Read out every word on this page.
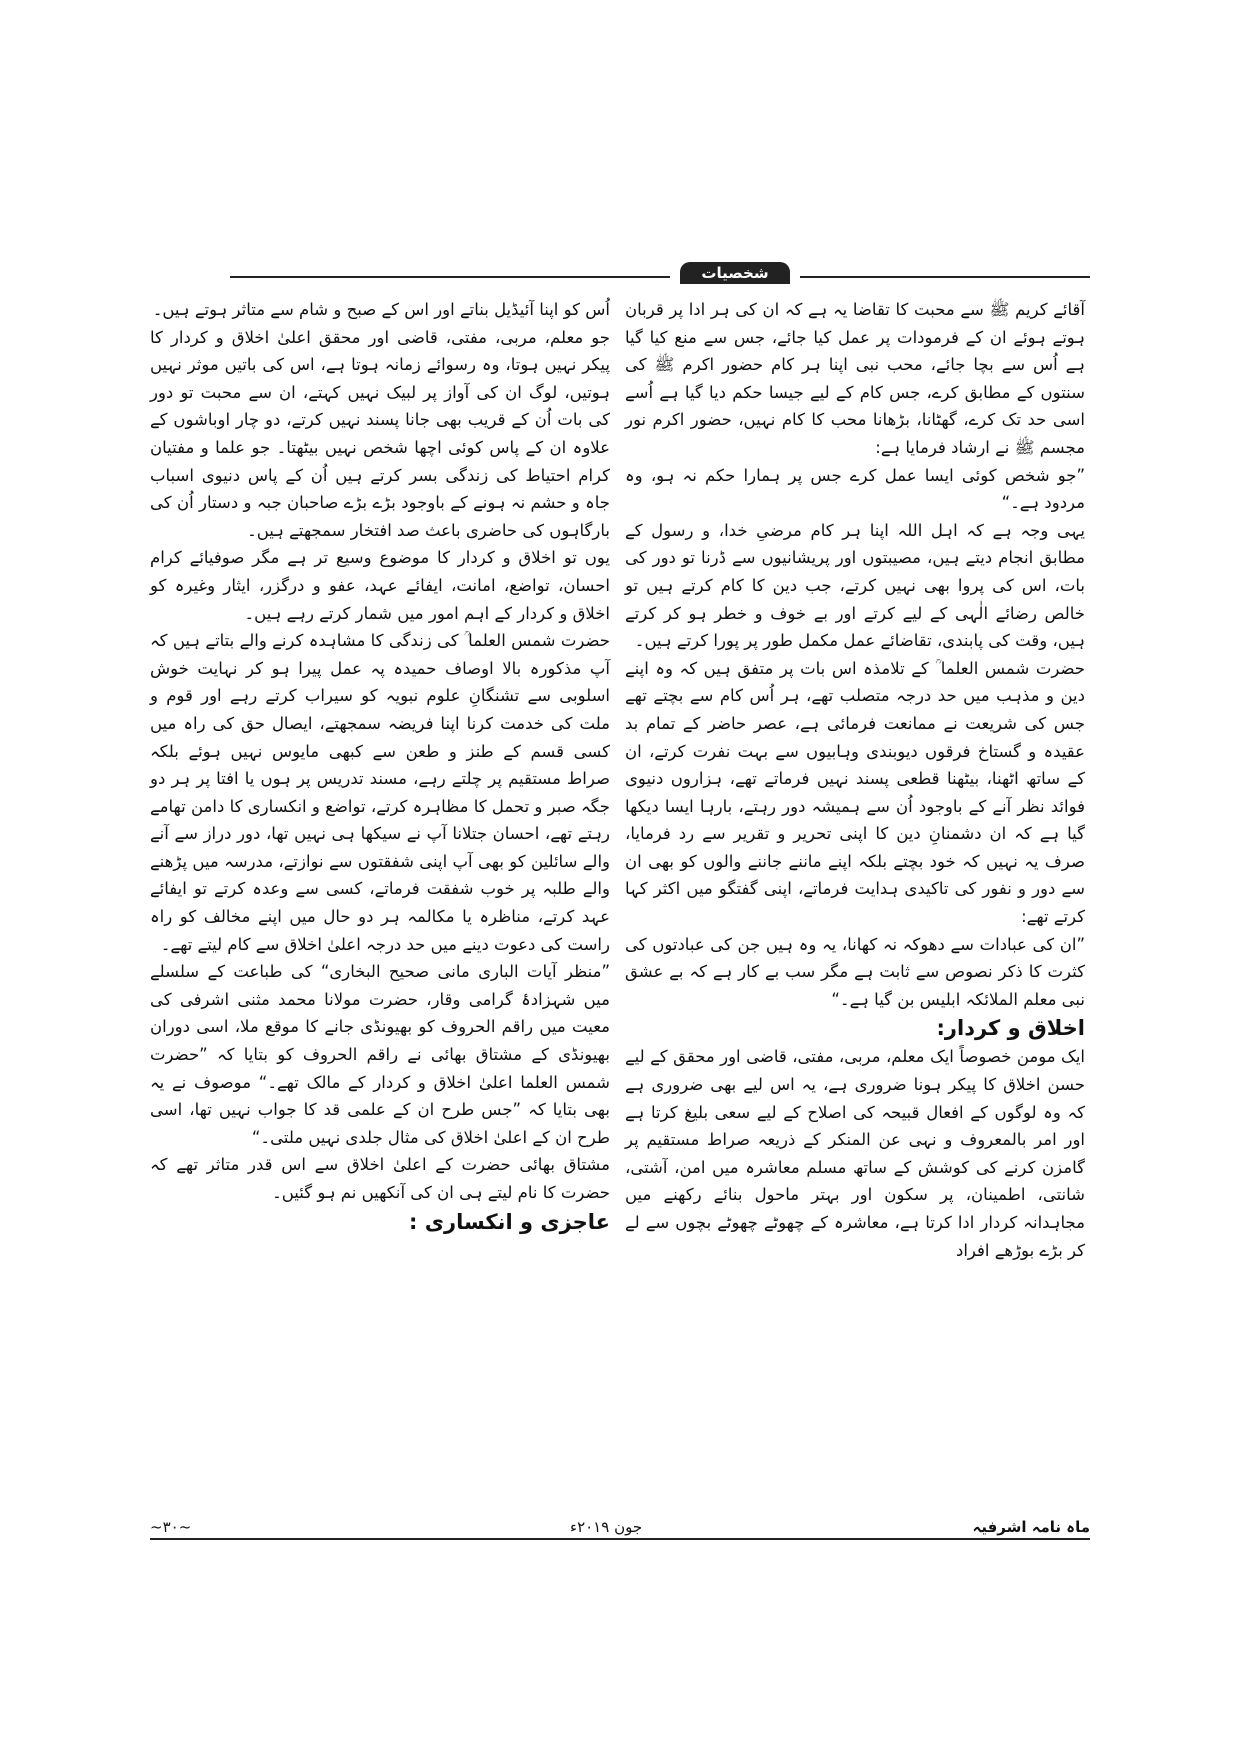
شخصیات

آقائے کریم ﷺ سے محبت کا تقاضا یہ ہے کہ ان کی ہر ادا پر قربان ہوتے ہوئے ان کے فرمودات پر عمل کیا جائے، جس سے منع کیا گیا ہے اُس سے بچا جائے، محب نبی اپنا ہر کام حضور اکرم ﷺ کی سنتوں کے مطابق کرے، جس کام کے لیے جیسا حکم دیا گیا ہے اُسے اسی حد تک کرے، گھٹانا، بڑھانا محب کا کام نہیں، حضور اکرم نور مجسم ﷺ نے ارشاد فرمایا ہے:

”جو شخص کوئی ایسا عمل کرے جس پر ہمارا حکم نہ ہو، وہ مردود ہے۔“

یہی وجہ ہے کہ اہل اللہ اپنا ہر کام مرضیِ خدا، و رسول کے مطابق انجام دیتے ہیں، مصیبتوں اور پریشانیوں سے ڈرنا تو دور کی بات، اس کی پروا بھی نہیں کرتے، جب دین کا کام کرتے ہیں تو خالص رضائے الٰہی کے لیے کرتے اور بے خوف و خطر ہو کر کرتے ہیں، وقت کی پابندی، تقاضائے عمل مکمل طور پر پورا کرتے ہیں۔

حضرت شمس العلما ؒ کے تلامذہ اس بات پر متفق ہیں کہ وہ اپنے دین و مذہب میں حد درجہ متصلب تھے، ہر اُس کام سے بچتے تھے جس کی شریعت نے ممانعت فرمائی ہے، عصر حاضر کے تمام بد عقیدہ و گستاخ فرقوں دیوبندی وہابیوں سے بہت نفرت کرتے، ان کے ساتھ اٹھنا، بیٹھنا قطعی پسند نہیں فرماتے تھے، ہزاروں دنیوی فوائد نظر آنے کے باوجود اُن سے ہمیشہ دور رہتے، بارہا ایسا دیکھا گیا ہے کہ ان دشمنانِ دین کا اپنی تحریر و تقریر سے رد فرمایا، صرف یہ نہیں کہ خود بچتے بلکہ اپنے ماننے جاننے والوں کو بھی ان سے دور و نفور کی تاکیدی ہدایت فرماتے، اپنی گفتگو میں اکثر کہا کرتے تھے:

”ان کی عبادات سے دھوکہ نہ کھانا، یہ وہ ہیں جن کی عبادتوں کی کثرت کا ذکر نصوص سے ثابت ہے مگر سب بے کار ہے کہ بے عشق نبی معلم الملائکہ ابلیس بن گیا ہے۔“

اخلاق و کردار:

ایک مومن خصوصاً ایک معلم، مربی، مفتی، قاضی اور محقق کے لیے حسن اخلاق کا پیکر ہونا ضروری ہے، یہ اس لیے بھی ضروری ہے کہ وہ لوگوں کے افعال قبیحہ کی اصلاح کے لیے سعی بلیغ کرتا ہے اور امر بالمعروف و نہی عن المنکر کے ذریعہ صراط مستقیم پر گامزن کرنے کی کوشش کے ساتھ مسلم معاشرہ میں امن، آشتی، شانتی، اطمینان، پر سکون اور بہتر ماحول بنائے رکھنے میں مجاہدانہ کردار ادا کرتا ہے، معاشرہ کے چھوٹے چھوٹے بچوں سے لے کر بڑے بوڑھے افراد

اُس کو اپنا آئیڈیل بناتے اور اس کے صبح و شام سے متاثر ہوتے ہیں۔

جو معلم، مربی، مفتی، قاضی اور محقق اعلیٰ اخلاق و کردار کا پیکر نہیں ہوتا، وہ رسوائے زمانہ ہوتا ہے، اس کی باتیں موثر نہیں ہوتیں، لوگ ان کی آواز پر لبیک نہیں کہتے، ان سے محبت تو دور کی بات اُن کے قریب بھی جانا پسند نہیں کرتے، دو چار اوباشوں کے علاوہ ان کے پاس کوئی اچھا شخص نہیں بیٹھتا۔ جو علما و مفتیان کرام احتیاط کی زندگی بسر کرتے ہیں اُن کے پاس دنیوی اسباب جاہ و حشم نہ ہونے کے باوجود بڑے بڑے صاحبان جبہ و دستار اُن کی بارگاہوں کی حاضری باعث صد افتخار سمجھتے ہیں۔

یوں تو اخلاق و کردار کا موضوع وسیع تر ہے مگر صوفیائے کرام احسان، تواضع، امانت، ایفائے عہد، عفو و درگزر، ایثار وغیرہ کو اخلاق و کردار کے اہم امور میں شمار کرتے رہے ہیں۔

حضرت شمس العلما ؒ کی زندگی کا مشاہدہ کرنے والے بتاتے ہیں کہ آپ مذکورہ بالا اوصاف حمیدہ پہ عمل پیرا ہو کر نہایت خوش اسلوبی سے تشنگانِ علوم نبویہ کو سیراب کرتے رہے اور قوم و ملت کی خدمت کرنا اپنا فریضہ سمجھتے، ایصال حق کی راہ میں کسی قسم کے طنز و طعن سے کبھی مایوس نہیں ہوئے بلکہ صراط مستقیم پر چلتے رہے، مسند تدریس پر ہوں یا افتا پر ہر دو جگہ صبر و تحمل کا مظاہرہ کرتے، تواضع و انکساری کا دامن تھامے رہتے تھے، احسان جتلانا آپ نے سیکھا ہی نہیں تھا، دور دراز سے آنے والے سائلین کو بھی آپ اپنی شفقتوں سے نوازتے، مدرسہ میں پڑھنے والے طلبہ پر خوب شفقت فرماتے، کسی سے وعدہ کرتے تو ایفائے عہد کرتے، مناظرہ یا مکالمہ ہر دو حال میں اپنے مخالف کو راہ راست کی دعوت دینے میں حد درجہ اعلیٰ اخلاق سے کام لیتے تھے۔

”منظر آیات الباری مانی صحیح البخاری“ کی طباعت کے سلسلے میں شہزادۂ گرامی وقار، حضرت مولانا محمد مثنی اشرفی کی معیت میں راقم الحروف کو بھیونڈی جانے کا موقع ملا، اسی دوران بھیونڈی کے مشتاق بھائی نے راقم الحروف کو بتایا کہ ”حضرت شمس العلما اعلیٰ اخلاق و کردار کے مالک تھے۔“ موصوف نے یہ بھی بتایا کہ ”جس طرح ان کے علمی قد کا جواب نہیں تھا، اسی طرح ان کے اعلیٰ اخلاق کی مثال جلدی نہیں ملتی۔“

مشتاق بھائی حضرت کے اعلیٰ اخلاق سے اس قدر متاثر تھے کہ حضرت کا نام لیتے ہی ان کی آنکھیں نم ہو گئیں۔

عاجزی و انکساری :
ماہ نامہ اشرفیہ
جون ۲۰۱۹ء
~۳۰~
